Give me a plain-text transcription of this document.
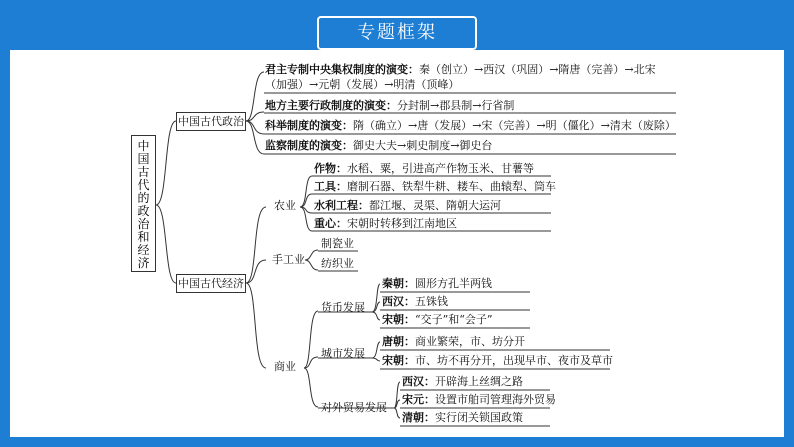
专题框架
中国古代的政治和经济
中国古代政治
君主专制中央集权制度的演变：秦（创立）→西汉（巩固）→隋唐（完善）→北宋
（加强）→元朝（发展）→明清（顶峰）
地方主要行政制度的演变：分封制→郡县制→行省制
科举制度的演变：隋（确立）→唐（发展）→宋（完善）→明（僵化）→清末（废除）
监察制度的演变：御史大夫→刺史制度→御史台
中国古代经济
农业
作物：水稻、粟，引进高产作物玉米、甘薯等
工具：磨制石器、铁犁牛耕、耧车、曲辕犁、筒车
水利工程：都江堰、灵渠、隋朝大运河
重心：宋朝时转移到江南地区
手工业
制瓷业
纺织业
商业
货币发展
秦朝：圆形方孔半两钱
西汉：五铢钱
宋朝：“交子”和“会子”
城市发展
唐朝：商业繁荣，市、坊分开
宋朝：市、坊不再分开，出现早市、夜市及草市
对外贸易发展
西汉：开辟海上丝绸之路
宋元：设置市舶司管理海外贸易
清朝：实行闭关锁国政策
